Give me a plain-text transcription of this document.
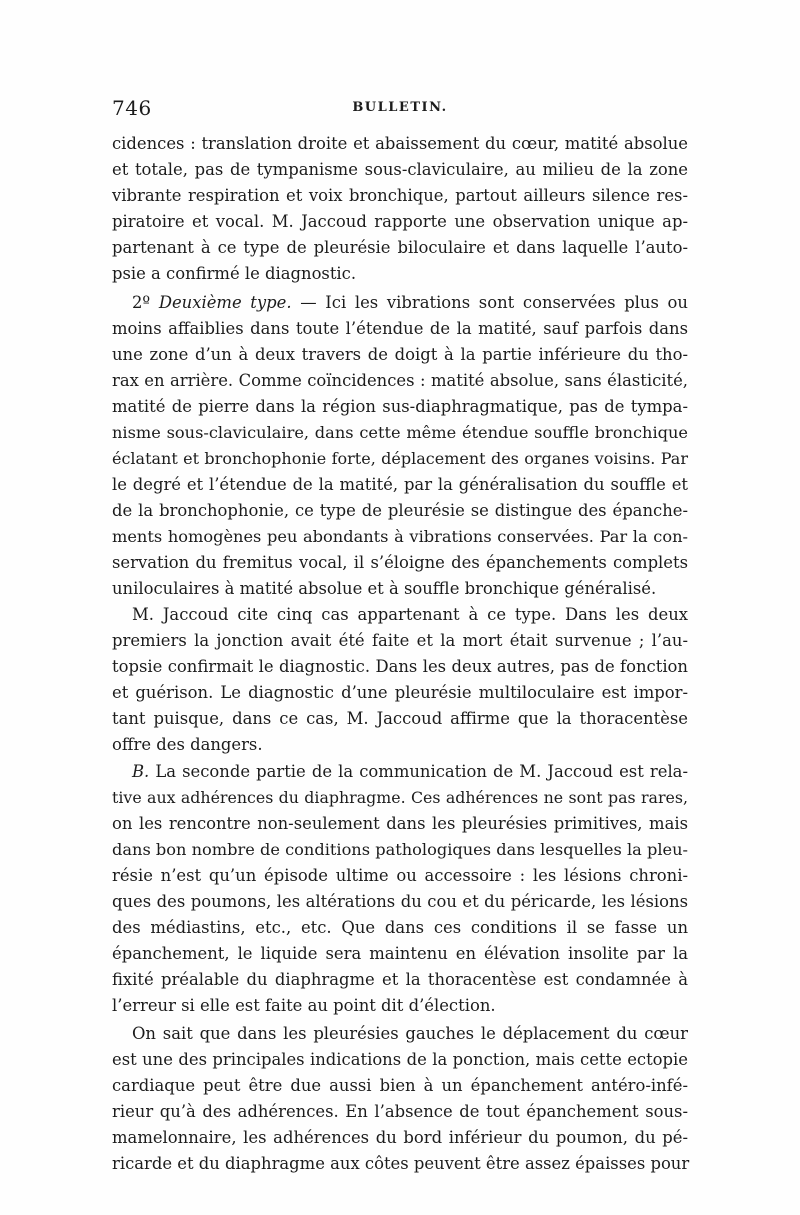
746	BULLETIN.
cidences : translation droite et abaissement du cœur, matité absolue
et totale, pas de tympanisme sous-claviculaire, au milieu de la zone
vibrante respiration et voix bronchique, partout ailleurs silence res-
piratoire et vocal. M. Jaccoud rapporte une observation unique ap-
partenant à ce type de pleurésie biloculaire et dans laquelle l’auto-
psie a confirmé le diagnostic.
2º Deuxième type. — Ici les vibrations sont conservées plus ou
moins affaiblies dans toute l’étendue de la matité, sauf parfois dans
une zone d’un à deux travers de doigt à la partie inférieure du tho-
rax en arrière. Comme coïncidences : matité absolue, sans élasticité,
matité de pierre dans la région sus-diaphragmatique, pas de tympa-
nisme sous-claviculaire, dans cette même étendue souffle bronchique
éclatant et bronchophonie forte, déplacement des organes voisins. Par
le degré et l’étendue de la matité, par la généralisation du souffle et
de la bronchophonie, ce type de pleurésie se distingue des épanche-
ments homogènes peu abondants à vibrations conservées. Par la con-
servation du fremitus vocal, il s’éloigne des épanchements complets
uniloculaires à matité absolue et à souffle bronchique généralisé.
M. Jaccoud cite cinq cas appartenant à ce type. Dans les deux
premiers la jonction avait été faite et la mort était survenue ; l’au-
topsie confirmait le diagnostic. Dans les deux autres, pas de fonction
et guérison. Le diagnostic d’une pleurésie multiloculaire est impor-
tant puisque, dans ce cas, M. Jaccoud affirme que la thoracentèse
offre des dangers.
B. La seconde partie de la communication de M. Jaccoud est rela-
tive aux adhérences du diaphragme. Ces adhérences ne sont pas rares,
on les rencontre non-seulement dans les pleurésies primitives, mais
dans bon nombre de conditions pathologiques dans lesquelles la pleu-
résie n’est qu’un épisode ultime ou accessoire : les lésions chroni-
ques des poumons, les altérations du cou et du péricarde, les lésions
des médiastins, etc., etc. Que dans ces conditions il se fasse un
épanchement, le liquide sera maintenu en élévation insolite par la
fixité préalable du diaphragme et la thoracentèse est condamnée à
l’erreur si elle est faite au point dit d’élection.
On sait que dans les pleurésies gauches le déplacement du cœur
est une des principales indications de la ponction, mais cette ectopie
cardiaque peut être due aussi bien à un épanchement antéro-infé-
rieur qu’à des adhérences. En l’absence de tout épanchement sous-
mamelonnaire, les adhérences du bord inférieur du poumon, du pé-
ricarde et du diaphragme aux côtes peuvent être assez épaisses pour
